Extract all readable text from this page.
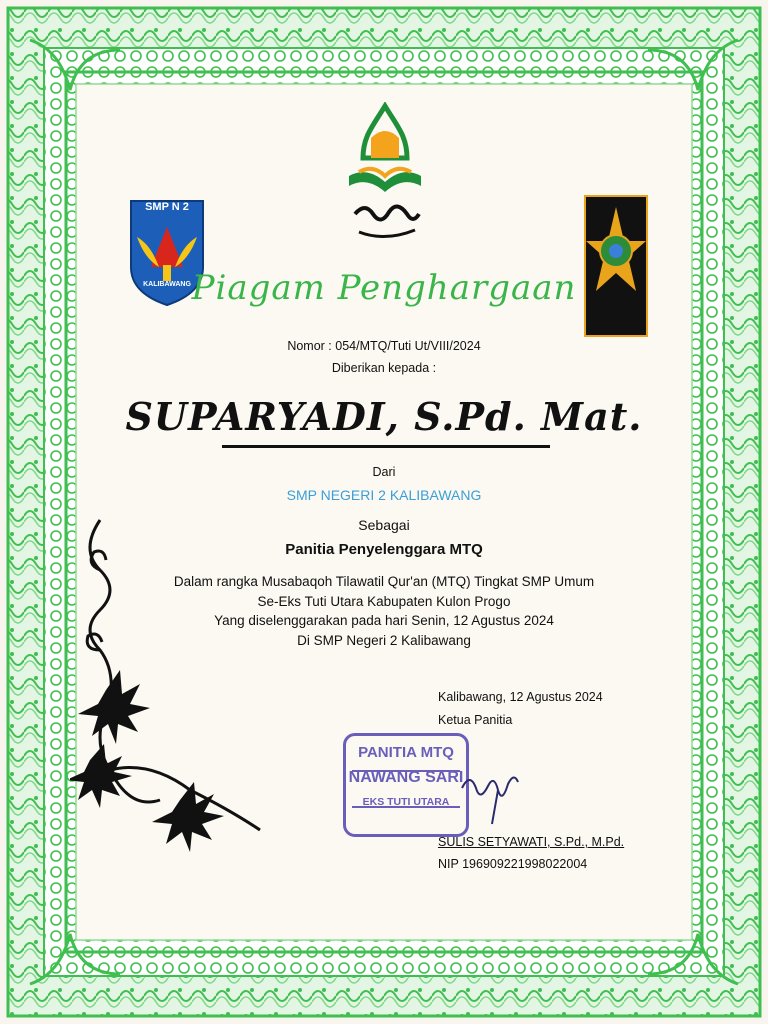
SMP N 2
KALIBAWANG Piagam Penghargaan
Nomor : 054/MTQ/Tuti Ut/VIII/2024
Diberikan kepada :
SUPARYADI, S.Pd. Mat.
Dari
SMP NEGERI 2 KALIBAWANG
Sebagai
Panitia Penyelenggara MTQ
Dalam rangka Musabaqoh Tilawatil Qur'an (MTQ) Tingkat SMP Umum
Se-Eks Tuti Utara Kabupaten Kulon Progo
Yang diselenggarakan pada hari Senin, 12 Agustus 2024
Di SMP Negeri 2 Kalibawang
Kalibawang, 12 Agustus 2024
Ketua Panitia
PANITIA MTQ
NAWANG SARI
EKS TUTI UTARA
SULIS SETYAWATI, S.Pd., M.Pd.
NIP 196909221998022004
